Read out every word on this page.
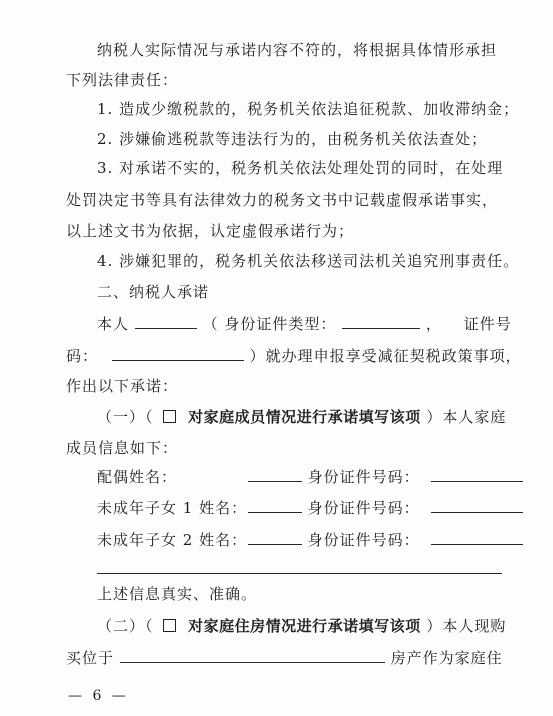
纳税人实际情况与承诺内容不符的，将根据具体情形承担
下列法律责任：
1. 造成少缴税款的，税务机关依法追征税款、加收滞纳金；
2. 涉嫌偷逃税款等违法行为的，由税务机关依法查处；
3. 对承诺不实的，税务机关依法处理处罚的同时，在处理
处罚决定书等具有法律效力的税务文书中记载虚假承诺事实，
以上述文书为依据，认定虚假承诺行为；
4. 涉嫌犯罪的，税务机关依法移送司法机关追究刑事责任。
二、纳税人承诺
本人	（ 身份证件类型：	， 证件号
码：	）就办理申报享受减征契税政策事项，
作出以下承诺：
（一）（ 对家庭成员情况进行承诺填写该项 ）本人家庭
成员信息如下：
配偶姓名：	身份证件号码：
未成年子女 1 姓名：	身份证件号码：
未成年子女 2 姓名：	身份证件号码：
上述信息真实、准确。
（二）（ 对家庭住房情况进行承诺填写该项 ）本人现购
买位于	房产作为家庭住
— 6 —
